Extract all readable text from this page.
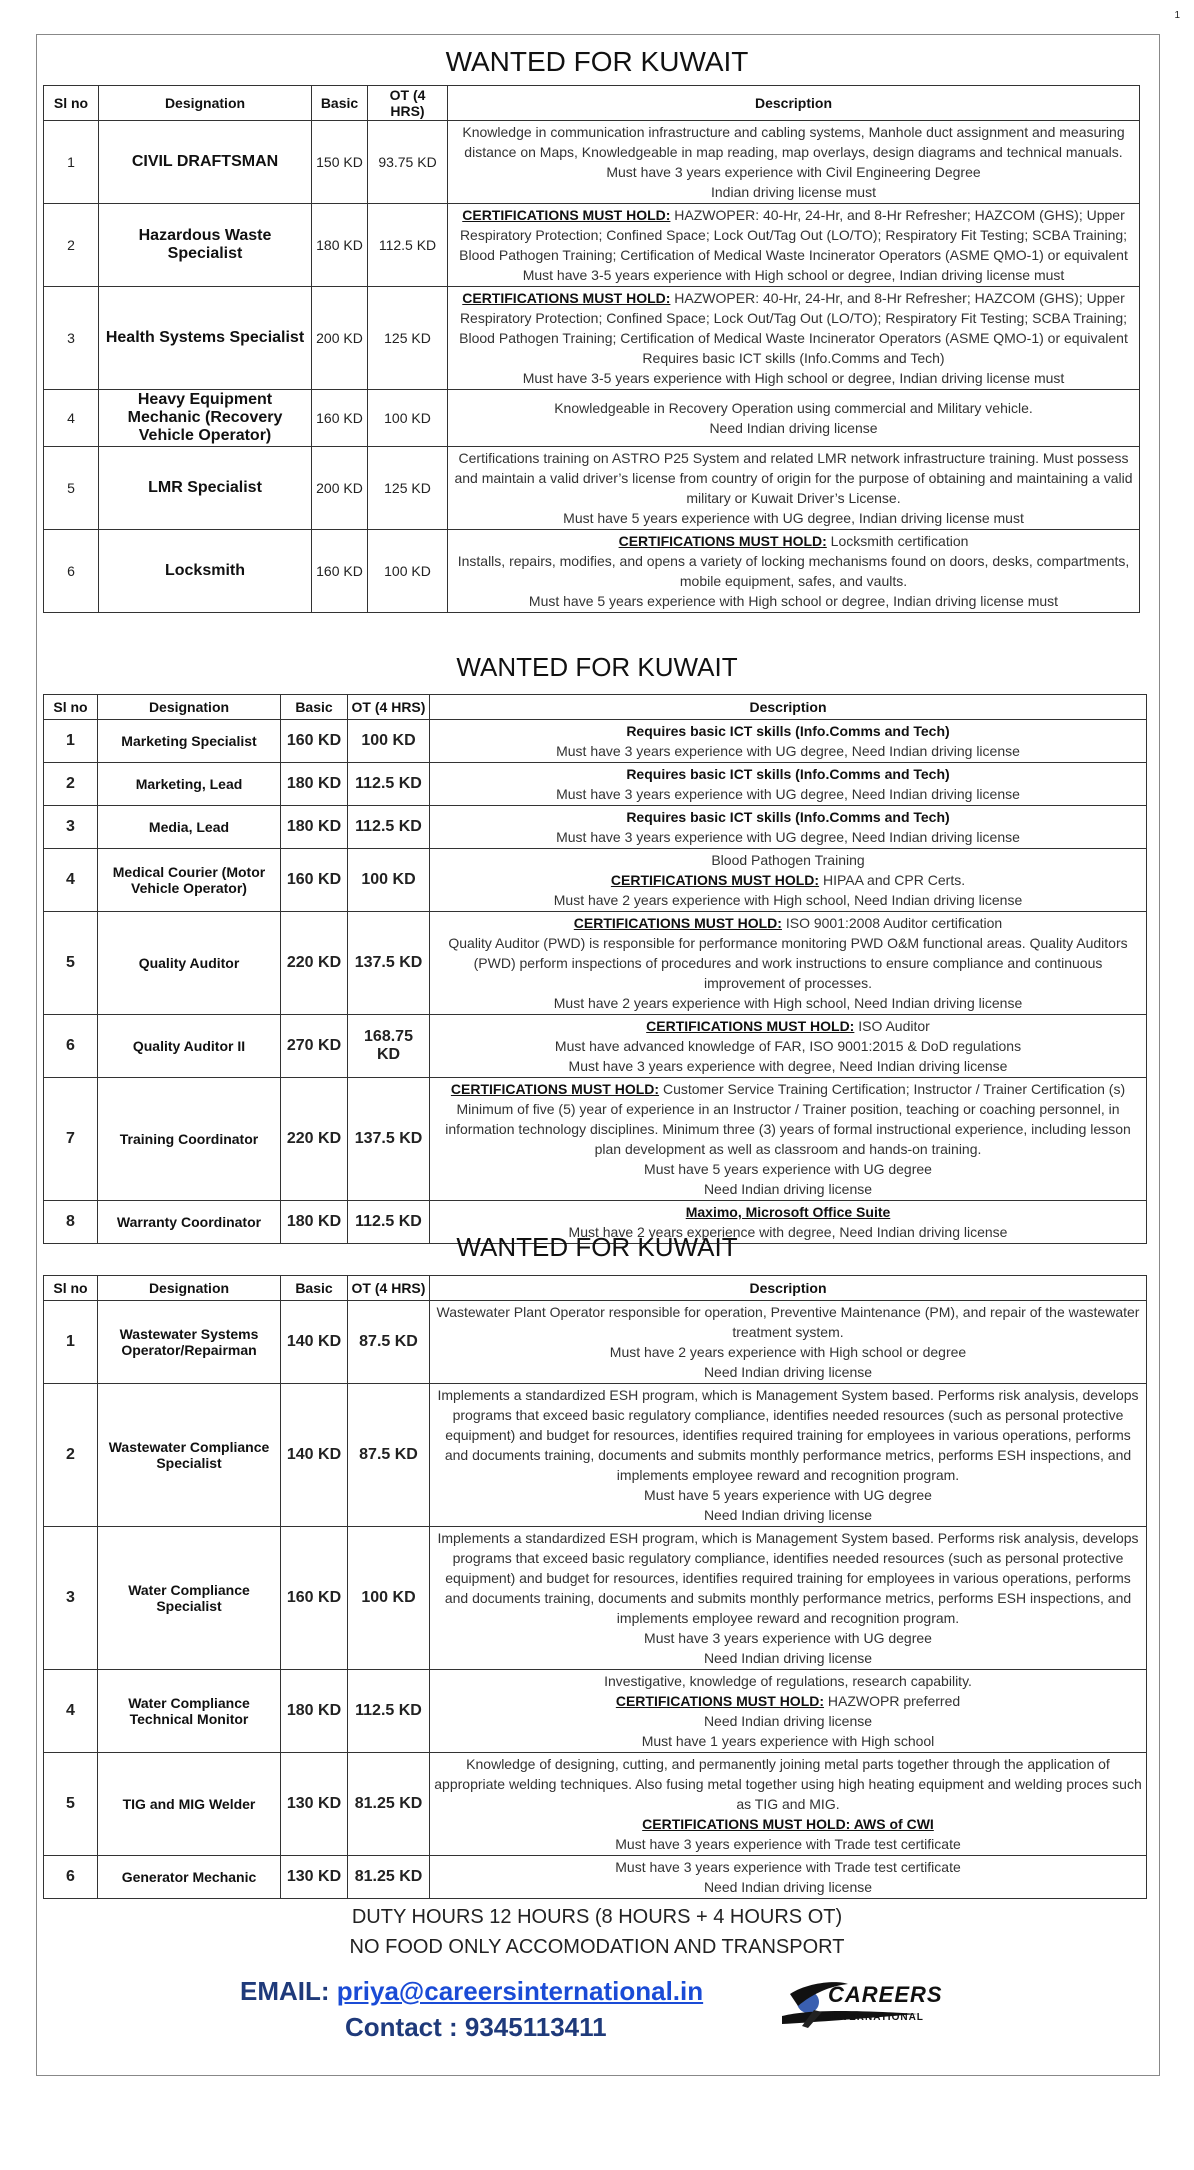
1
WANTED FOR KUWAIT
Sl no	Designation	Basic	OT (4 HRS)	Description
1	CIVIL DRAFTSMAN	150 KD	93.75 KD	Knowledge in communication infrastructure and cabling systems, Manhole duct assignment and measuring distance on Maps, Knowledgeable in map reading, map overlays, design diagrams and technical manuals.
Must have 3 years experience with Civil Engineering Degree
Indian driving license must

2	Hazardous Waste Specialist	180 KD	112.5 KD	CERTIFICATIONS MUST HOLD: HAZWOPER: 40-Hr, 24-Hr, and 8-Hr Refresher; HAZCOM (GHS); Upper Respiratory Protection; Confined Space; Lock Out/Tag Out (LO/TO); Respiratory Fit Testing; SCBA Training; Blood Pathogen Training; Certification of Medical Waste Incinerator Operators (ASME QMO-1) or equivalent
Must have 3-5 years experience with High school or degree, Indian driving license must

3	Health Systems Specialist	200 KD	125 KD	CERTIFICATIONS MUST HOLD: HAZWOPER: 40-Hr, 24-Hr, and 8-Hr Refresher; HAZCOM (GHS); Upper Respiratory Protection; Confined Space; Lock Out/Tag Out (LO/TO); Respiratory Fit Testing; SCBA Training; Blood Pathogen Training; Certification of Medical Waste Incinerator Operators (ASME QMO-1) or equivalent
Requires basic ICT skills (Info.Comms and Tech)
Must have 3-5 years experience with High school or degree, Indian driving license must

4	Heavy Equipment Mechanic (Recovery Vehicle Operator)	160 KD	100 KD	Knowledgeable in Recovery Operation using commercial and Military vehicle.
Need Indian driving license

5	LMR Specialist	200 KD	125 KD	Certifications training on ASTRO P25 System and related LMR network infrastructure training. Must possess and maintain a valid driver’s license from country of origin for the purpose of obtaining and maintaining a valid military or Kuwait Driver’s License.
Must have 5 years experience with UG degree, Indian driving license must

6	Locksmith	160 KD	100 KD	CERTIFICATIONS MUST HOLD: Locksmith certification
Installs, repairs, modifies, and opens a variety of locking mechanisms found on doors, desks, compartments, mobile equipment, safes, and vaults.
Must have 5 years experience with High school or degree, Indian driving license must
WANTED FOR KUWAIT
Sl no	Designation	Basic	OT (4 HRS)	Description
1	Marketing Specialist	160 KD	100 KD	Requires basic ICT skills (Info.Comms and Tech)
Must have 3 years experience with UG degree, Need Indian driving license

2	Marketing, Lead	180 KD	112.5 KD	Requires basic ICT skills (Info.Comms and Tech)
Must have 3 years experience with UG degree, Need Indian driving license

3	Media, Lead	180 KD	112.5 KD	Requires basic ICT skills (Info.Comms and Tech)
Must have 3 years experience with UG degree, Need Indian driving license

4	Medical Courier (Motor Vehicle Operator)	160 KD	100 KD	Blood Pathogen Training
CERTIFICATIONS MUST HOLD: HIPAA and CPR Certs.
Must have 2 years experience with High school, Need Indian driving license

5	Quality Auditor	220 KD	137.5 KD	CERTIFICATIONS MUST HOLD: ISO 9001:2008 Auditor certification
Quality Auditor (PWD) is responsible for performance monitoring PWD O&M functional areas. Quality Auditors (PWD) perform inspections of procedures and work instructions to ensure compliance and continuous improvement of processes.
Must have 2 years experience with High school, Need Indian driving license

6	Quality Auditor II	270 KD	168.75 KD	CERTIFICATIONS MUST HOLD: ISO Auditor
Must have advanced knowledge of FAR, ISO 9001:2015 & DoD regulations
Must have 3 years experience with degree, Need Indian driving license

7	Training Coordinator	220 KD	137.5 KD	CERTIFICATIONS MUST HOLD: Customer Service Training Certification; Instructor / Trainer Certification (s) Minimum of five (5) year of experience in an Instructor / Trainer position, teaching or coaching personnel, in information technology disciplines. Minimum three (3) years of formal instructional experience, including lesson plan development as well as classroom and hands-on training.
Must have 5 years experience with UG degree
Need Indian driving license

8	Warranty Coordinator	180 KD	112.5 KD	Maximo, Microsoft Office Suite
Must have 2 years experience with degree, Need Indian driving license
WANTED FOR KUWAIT
Sl no	Designation	Basic	OT (4 HRS)	Description
1	Wastewater Systems Operator/Repairman	140 KD	87.5 KD	Wastewater Plant Operator responsible for operation, Preventive Maintenance (PM), and repair of the wastewater treatment system.
Must have 2 years experience with High school or degree
Need Indian driving license

2	Wastewater Compliance Specialist	140 KD	87.5 KD	Implements a standardized ESH program, which is Management System based. Performs risk analysis, develops programs that exceed basic regulatory compliance, identifies needed resources (such as personal protective equipment) and budget for resources, identifies required training for employees in various operations, performs and documents training, documents and submits monthly performance metrics, performs ESH inspections, and implements employee reward and recognition program.
Must have 5 years experience with UG degree
Need Indian driving license

3	Water Compliance Specialist	160 KD	100 KD	Implements a standardized ESH program, which is Management System based. Performs risk analysis, develops programs that exceed basic regulatory compliance, identifies needed resources (such as personal protective equipment) and budget for resources, identifies required training for employees in various operations, performs and documents training, documents and submits monthly performance metrics, performs ESH inspections, and implements employee reward and recognition program.
Must have 3 years experience with UG degree
Need Indian driving license

4	Water Compliance Technical Monitor	180 KD	112.5 KD	Investigative, knowledge of regulations, research capability.
CERTIFICATIONS MUST HOLD: HAZWOPR preferred
Need Indian driving license
Must have 1 years experience with High school

5	TIG and MIG Welder	130 KD	81.25 KD	Knowledge of designing, cutting, and permanently joining metal parts together through the application of appropriate welding techniques. Also fusing metal together using high heating equipment and welding proces such as TIG and MIG.
CERTIFICATIONS MUST HOLD: AWS of CWI
Must have 3 years experience with Trade test certificate

6	Generator Mechanic	130 KD	81.25 KD	Must have 3 years experience with Trade test certificate
Need Indian driving license
DUTY HOURS 12 HOURS (8 HOURS + 4 HOURS OT)
NO FOOD ONLY ACCOMODATION AND TRANSPORT
EMAIL: priya@careersinternational.in
Contact : 9345113411
CAREERS
INTERNATIONAL
